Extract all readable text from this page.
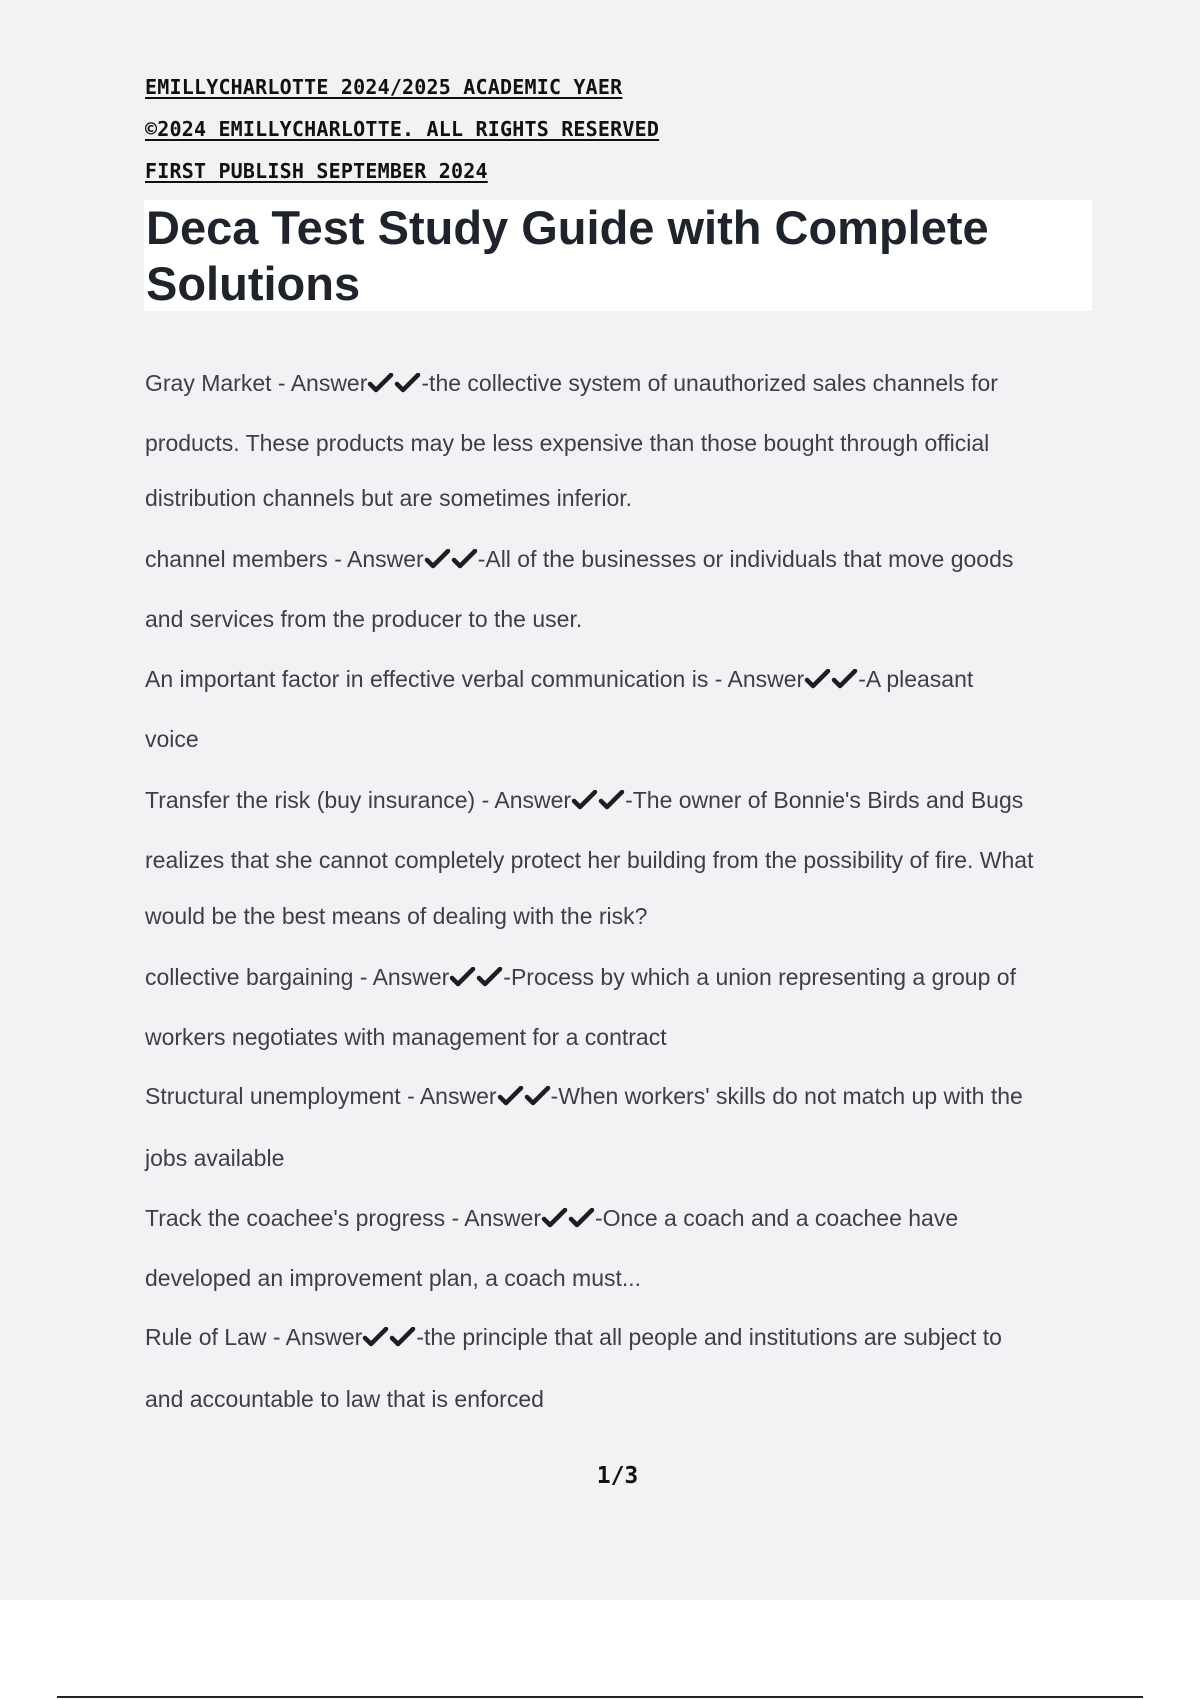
EMILLYCHARLOTTE 2024/2025 ACADEMIC YAER
©2024 EMILLYCHARLOTTE. ALL RIGHTS RESERVED
FIRST PUBLISH SEPTEMBER 2024
Deca Test Study Guide with Complete
Solutions
Gray Market - Answer -the collective system of unauthorized sales channels for
products. These products may be less expensive than those bought through official
distribution channels but are sometimes inferior.
channel members - Answer -All of the businesses or individuals that move goods
and services from the producer to the user.
An important factor in effective verbal communication is - Answer -A pleasant
voice
Transfer the risk (buy insurance) - Answer -The owner of Bonnie's Birds and Bugs
realizes that she cannot completely protect her building from the possibility of fire. What
would be the best means of dealing with the risk?
collective bargaining - Answer -Process by which a union representing a group of
workers negotiates with management for a contract
Structural unemployment - Answer -When workers' skills do not match up with the
jobs available
Track the coachee's progress - Answer -Once a coach and a coachee have
developed an improvement plan, a coach must...
Rule of Law - Answer -the principle that all people and institutions are subject to
and accountable to law that is enforced
1/3
